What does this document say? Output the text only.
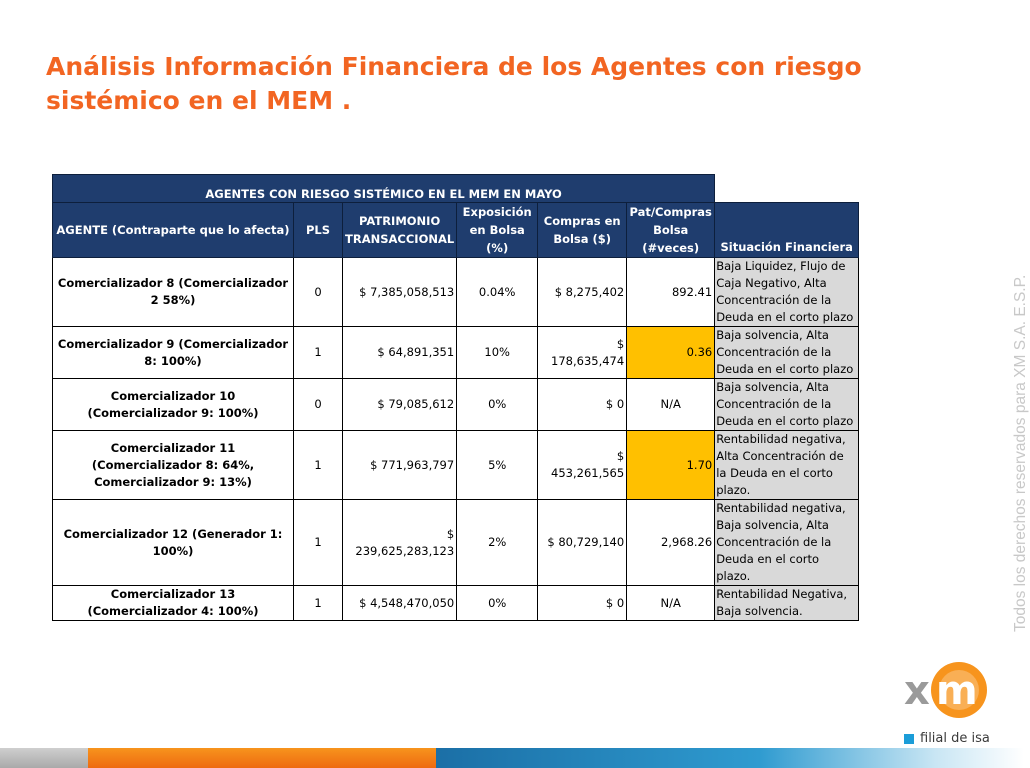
Análisis Información Financiera de los Agentes con riesgo sistémico en el MEM .
AGENTES CON RIESGO SISTÉMICO EN EL MEM EN MAYO						
AGENTE (Contraparte que lo afecta)	PLS	PATRIMONIO TRANSACCIONAL	Exposición en Bolsa (%)	Compras en Bolsa ($)	Pat/Compras Bolsa (#veces)	Situación Financiera
Comercializador 8 (Comercializador 2 58%)	0	$ 7,385,058,513	0.04%	$ 8,275,402	892.41	Baja Liquidez, Flujo de Caja Negativo, Alta Concentración de la Deuda en el corto plazo
Comercializador 9 (Comercializador 8: 100%)	1	$ 64,891,351	10%	$ 178,635,474	0.36	Baja solvencia, Alta Concentración de la Deuda en el corto plazo
Comercializador 10 (Comercializador 9: 100%)	0	$ 79,085,612	0%	$ 0	N/A	Baja solvencia, Alta Concentración de la Deuda en el corto plazo
Comercializador 11 (Comercializador 8: 64%, Comercializador 9: 13%)	1	$ 771,963,797	5%	$ 453,261,565	1.70	Rentabilidad negativa, Alta Concentración de la Deuda en el corto plazo.
Comercializador 12 (Generador 1: 100%)	1	$ 239,625,283,123	2%	$ 80,729,140	2,968.26	Rentabilidad negativa, Baja solvencia, Alta Concentración de la Deuda en el corto plazo.
Comercializador 13 (Comercializador 4: 100%)	1	$ 4,548,470,050	0%	$ 0	N/A	Rentabilidad Negativa, Baja solvencia.	Todos los derechos reservados para XM S.A. E.S.P.
x m
filial de isa
